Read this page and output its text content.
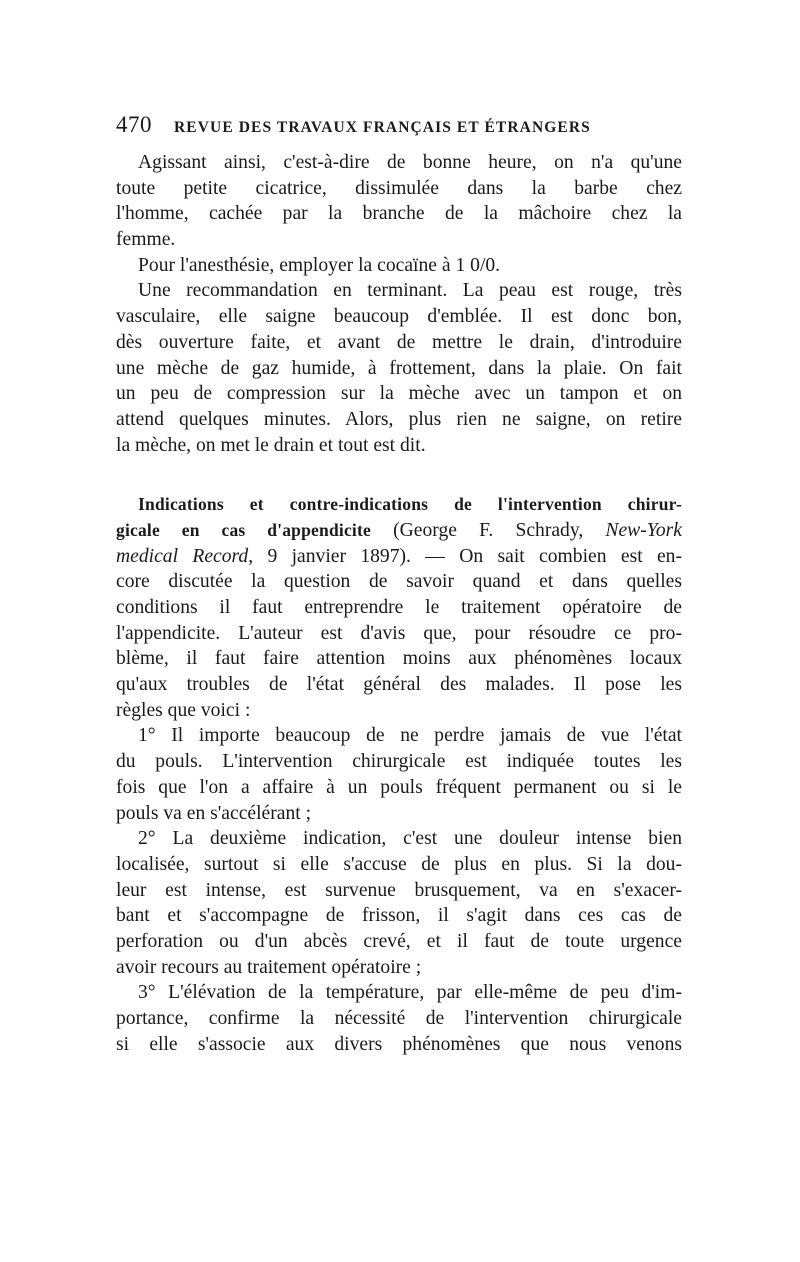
470	REVUE DES TRAVAUX FRANÇAIS ET ÉTRANGERS
Agissant ainsi, c'est-à-dire de bonne heure, on n'a qu'une
toute petite cicatrice, dissimulée dans la barbe chez
l'homme, cachée par la branche de la mâchoire chez la
femme.
Pour l'anesthésie, employer la cocaïne à 1 0/0.
Une recommandation en terminant. La peau est rouge, très
vasculaire, elle saigne beaucoup d'emblée. Il est donc bon,
dès ouverture faite, et avant de mettre le drain, d'introduire
une mèche de gaz humide, à frottement, dans la plaie. On fait
un peu de compression sur la mèche avec un tampon et on
attend quelques minutes. Alors, plus rien ne saigne, on retire
la mèche, on met le drain et tout est dit.
Indications et contre-indications de l'intervention chirur-
gicale en cas d'appendicite (George F. Schrady, New-York
medical Record, 9 janvier 1897). — On sait combien est en-
core discutée la question de savoir quand et dans quelles
conditions il faut entreprendre le traitement opératoire de
l'appendicite. L'auteur est d'avis que, pour résoudre ce pro-
blème, il faut faire attention moins aux phénomènes locaux
qu'aux troubles de l'état général des malades. Il pose les
règles que voici :
1° Il importe beaucoup de ne perdre jamais de vue l'état
du pouls. L'intervention chirurgicale est indiquée toutes les
fois que l'on a affaire à un pouls fréquent permanent ou si le
pouls va en s'accélérant ;
2° La deuxième indication, c'est une douleur intense bien
localisée, surtout si elle s'accuse de plus en plus. Si la dou-
leur est intense, est survenue brusquement, va en s'exacer-
bant et s'accompagne de frisson, il s'agit dans ces cas de
perforation ou d'un abcès crevé, et il faut de toute urgence
avoir recours au traitement opératoire ;
3° L'élévation de la température, par elle-même de peu d'im-
portance, confirme la nécessité de l'intervention chirurgicale
si elle s'associe aux divers phénomènes que nous venons
